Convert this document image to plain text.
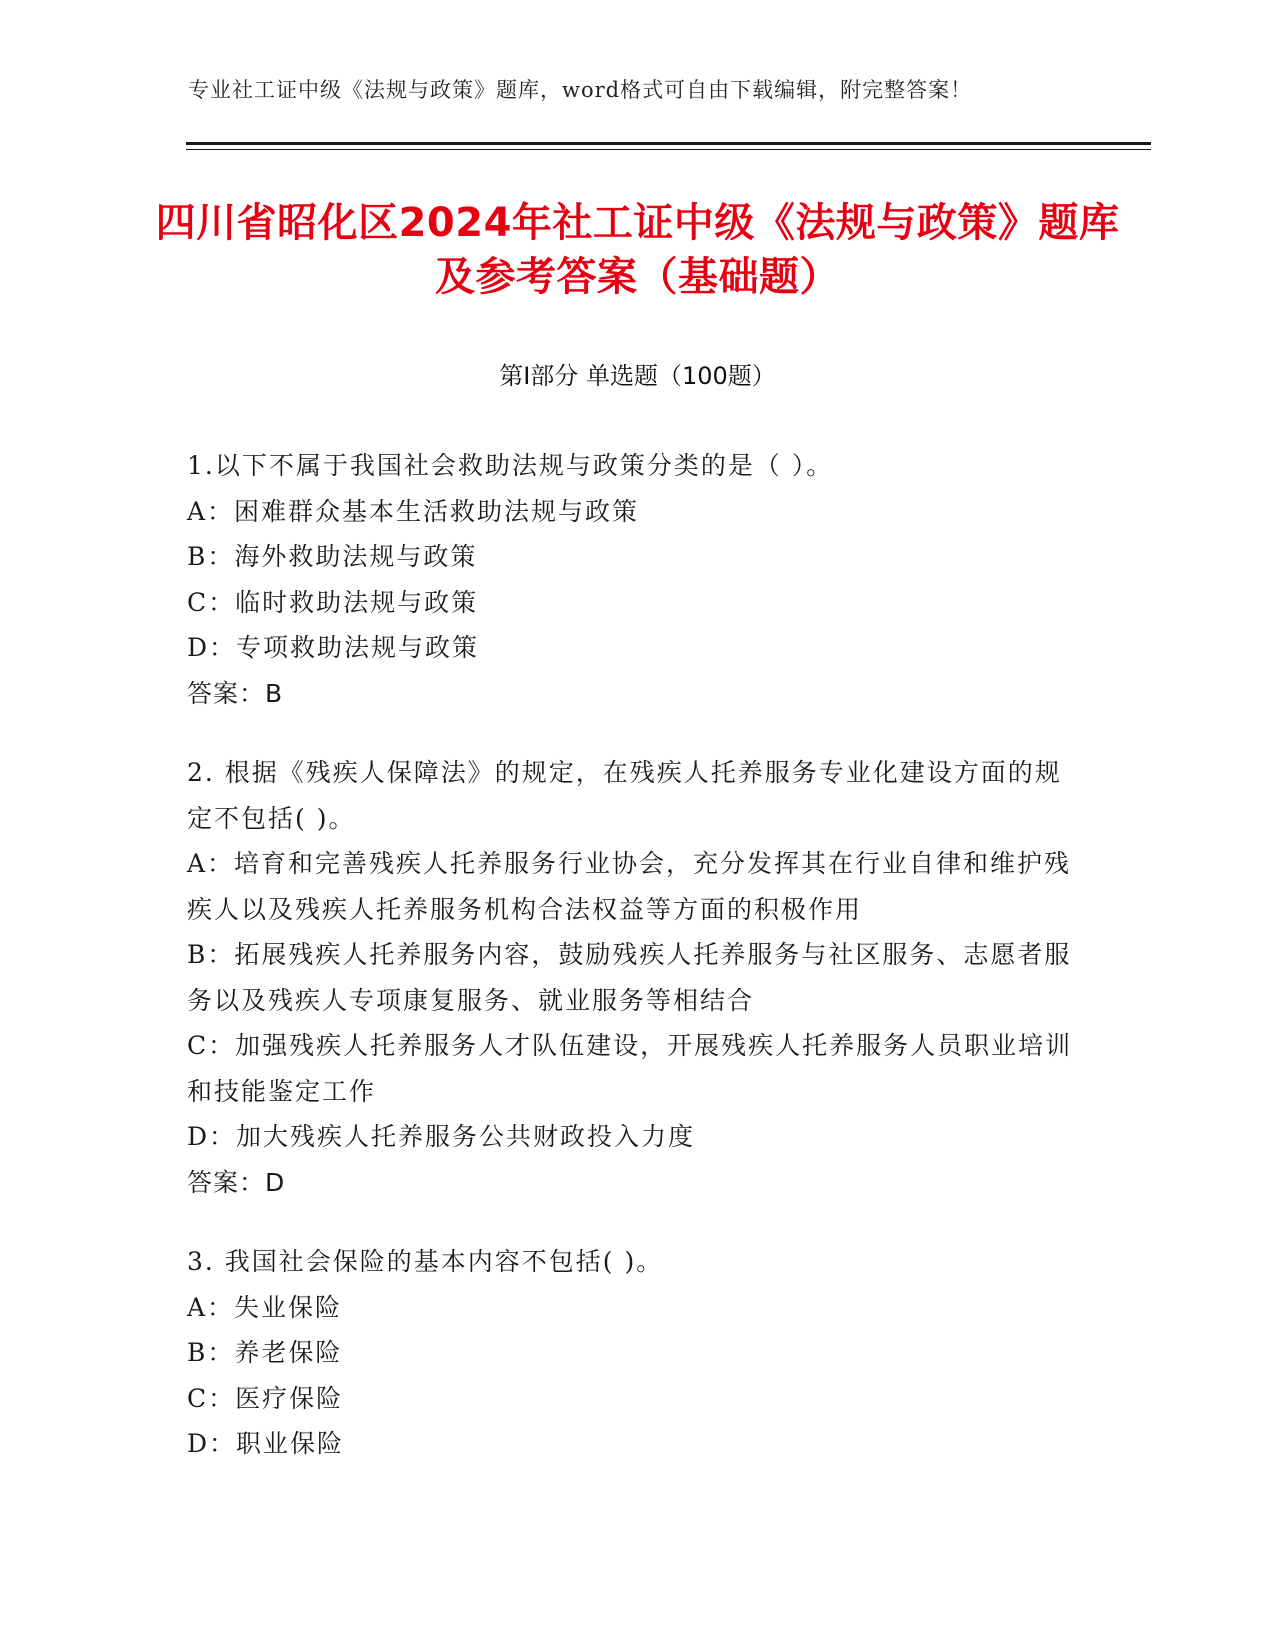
专业社工证中级《法规与政策》题库，word格式可自由下载编辑，附完整答案！
四川省昭化区2024年社工证中级《法规与政策》题库及参考答案（基础题）
第Ⅰ部分 单选题（100题）

1.以下不属于我国社会救助法规与政策分类的是（ ）。

A：困难群众基本生活救助法规与政策

B：海外救助法规与政策

C：临时救助法规与政策

D：专项救助法规与政策

答案：B

2. 根据《残疾人保障法》的规定，在残疾人托养服务专业化建设方面的规定不包括( )。

A：培育和完善残疾人托养服务行业协会，充分发挥其在行业自律和维护残疾人以及残疾人托养服务机构合法权益等方面的积极作用

B：拓展残疾人托养服务内容，鼓励残疾人托养服务与社区服务、志愿者服务以及残疾人专项康复服务、就业服务等相结合

C：加强残疾人托养服务人才队伍建设，开展残疾人托养服务人员职业培训和技能鉴定工作

D：加大残疾人托养服务公共财政投入力度

答案：D

3. 我国社会保险的基本内容不包括( )。

A：失业保险

B：养老保险

C：医疗保险

D：职业保险
